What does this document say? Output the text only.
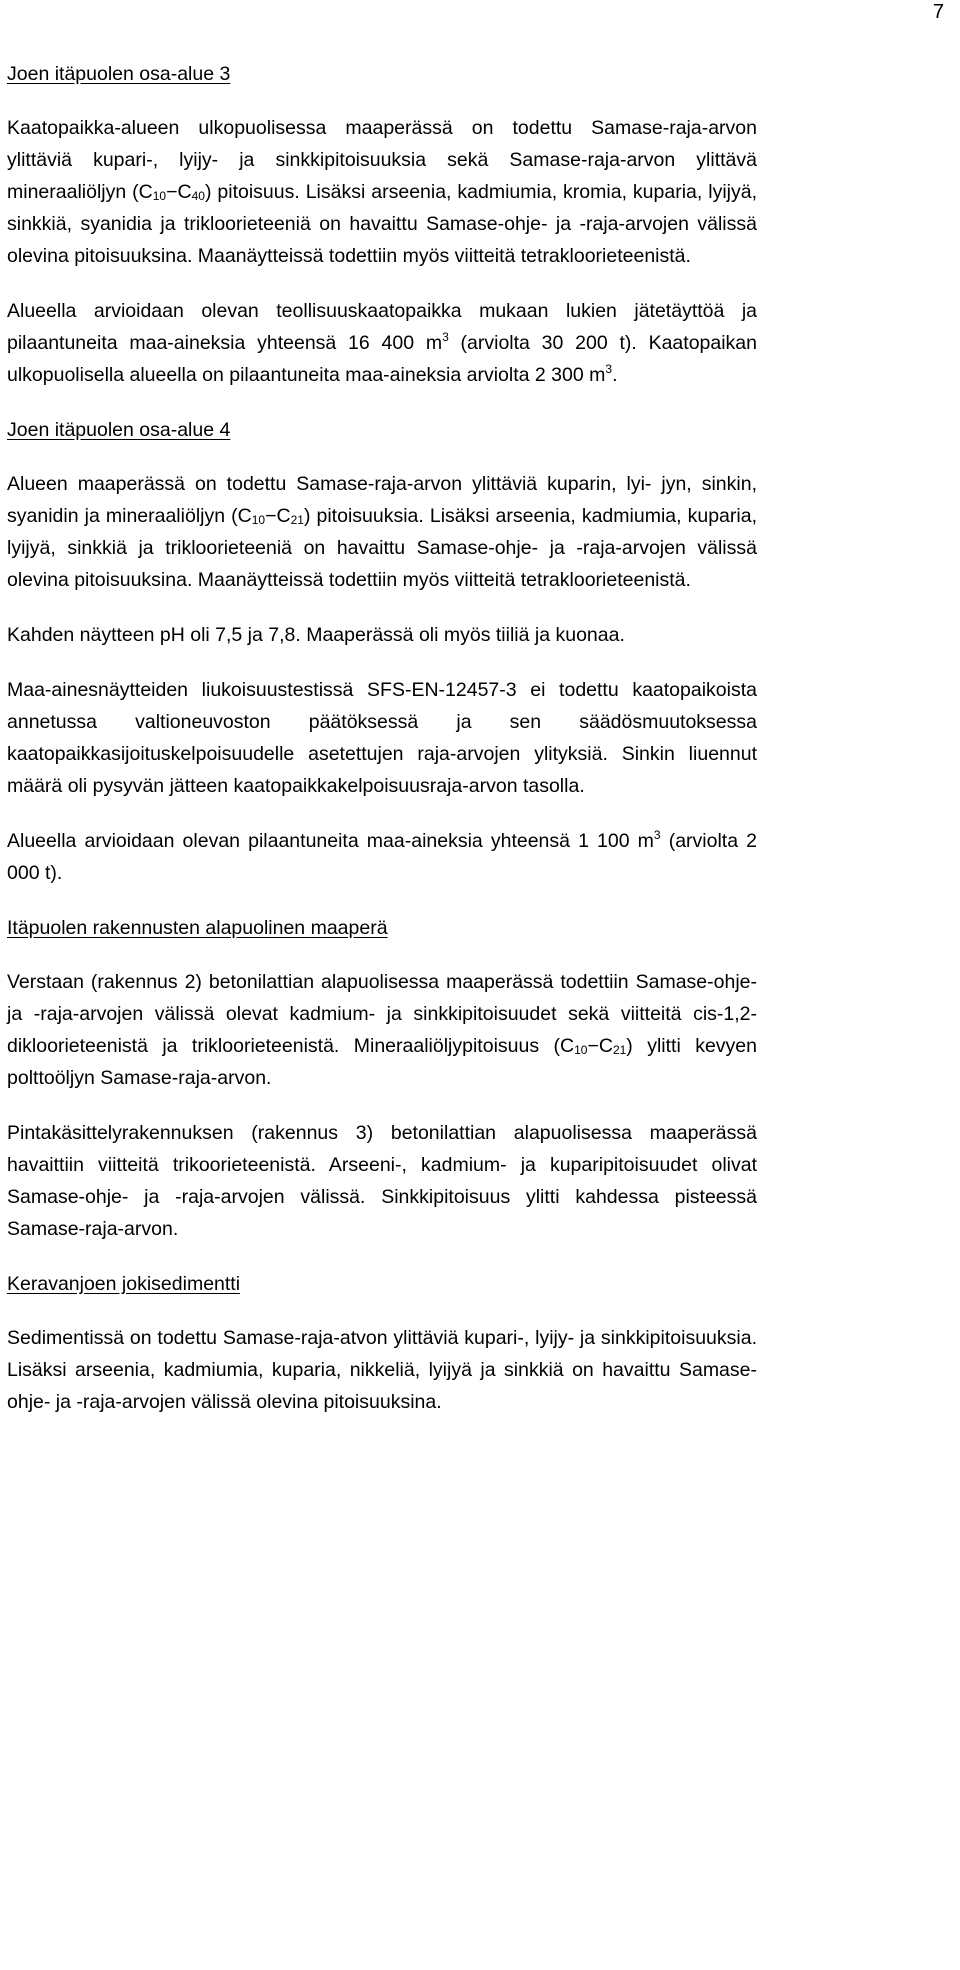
7
Joen itäpuolen osa-alue 3

Kaatopaikka-alueen ulkopuolisessa maaperässä on todettu Samase-raja-arvon ylittäviä kupari-, lyijy- ja sinkkipitoisuuksia sekä Samase-raja-arvon ylittävä mineraaliöljyn $(C_{10}-C_{40})$ pitoisuus. Lisäksi arseenia, kadmiumia, kromia, kuparia, lyijyä, sinkkiä, syanidia ja trikloorieteeniä on havaittu Samase-ohje- ja -raja-arvojen välissä olevina pitoisuuksina. Maanäytteissä todettiin myös viitteitä tetrakloorieteenistä.

Alueella arvioidaan olevan teollisuuskaatopaikka mukaan lukien jätetäyttöä ja pilaantuneita maa-aineksia yhteensä 16 400 $m^3$ (arviolta 30 200 t). Kaatopaikan ulkopuolisella alueella on pilaantuneita maa-aineksia arviolta 2 300 $m^3$.

Joen itäpuolen osa-alue 4

Alueen maaperässä on todettu Samase-raja-arvon ylittäviä kuparin, lyi- jyn, sinkin, syanidin ja mineraaliöljyn $(C_{10}-C_{21})$ pitoisuuksia. Lisäksi arseenia, kadmiumia, kuparia, lyijyä, sinkkiä ja trikloorieteeniä on havaittu Samase-ohje- ja -raja-arvojen välissä olevina pitoisuuksina. Maanäytteissä todettiin myös viitteitä tetrakloorieteenistä.

Kahden näytteen pH oli 7,5 ja 7,8. Maaperässä oli myös tiiliä ja kuonaa.

Maa-ainesnäytteiden liukoisuustestissä SFS-EN-12457-3 ei todettu kaatopaikoista annetussa valtioneuvoston päätöksessä ja sen säädösmuutoksessa kaatopaikkasijoituskelpoisuudelle asetettujen raja-arvojen ylityksiä. Sinkin liuennut määrä oli pysyvän jätteen kaatopaikkakelpoisuusraja-arvon tasolla.

Alueella arvioidaan olevan pilaantuneita maa-aineksia yhteensä 1 100 $m^3$ (arviolta 2 000 t).

Itäpuolen rakennusten alapuolinen maaperä

Verstaan (rakennus 2) betonilattian alapuolisessa maaperässä todettiin Samase-ohje- ja -raja-arvojen välissä olevat kadmium- ja sinkkipitoisuudet sekä viitteitä cis-1,2-dikloorieteenistä ja trikloorieteenistä. Mineraaliöljypitoisuus $(C_{10}-C_{21})$ ylitti kevyen polttoöljyn Samase-raja-arvon.

Pintakäsittelyrakennuksen (rakennus 3) betonilattian alapuolisessa maaperässä havaittiin viitteitä trikoorieteenistä. Arseeni-, kadmium- ja kuparipitoisuudet olivat Samase-ohje- ja -raja-arvojen välissä. Sinkkipitoisuus ylitti kahdessa pisteessä Samase-raja-arvon.

Keravanjoen jokisedimentti

Sedimentissä on todettu Samase-raja-atvon ylittäviä kupari-, lyijy- ja sinkkipitoisuuksia. Lisäksi arseenia, kadmiumia, kuparia, nikkeliä, lyijyä ja sinkkiä on havaittu Samase-ohje- ja -raja-arvojen välissä olevina pitoisuuksina.
